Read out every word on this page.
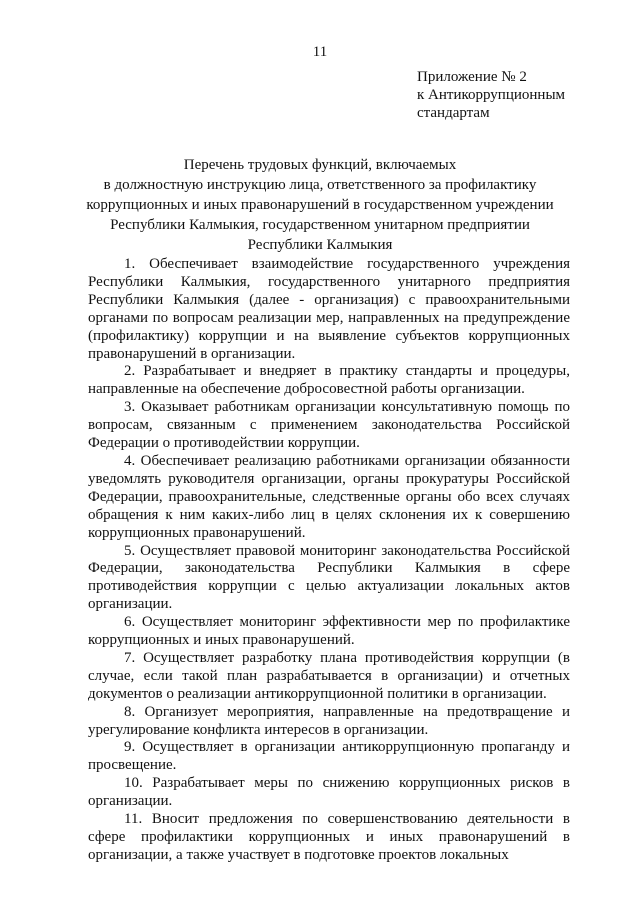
11
Приложение № 2
к Антикоррупционным
стандартам
Перечень трудовых функций, включаемых
в должностную инструкцию лица, ответственного за профилактику
коррупционных и иных правонарушений в государственном учреждении
Республики Калмыкия, государственном унитарном предприятии
Республики Калмыкия

1. Обеспечивает взаимодействие государственного учреждения Республики Калмыкия, государственного унитарного предприятия Республики Калмыкия (далее - организация) с правоохранительными органами по вопросам реализации мер, направленных на предупреждение (профилактику) коррупции и на выявление субъектов коррупционных правонарушений в организации.

2. Разрабатывает и внедряет в практику стандарты и процедуры, направленные на обеспечение добросовестной работы организации.

3. Оказывает работникам организации консультативную помощь по вопросам, связанным с применением законодательства Российской Федерации о противодействии коррупции.

4. Обеспечивает реализацию работниками организации обязанности уведомлять руководителя организации, органы прокуратуры Российской Федерации, правоохранительные, следственные органы обо всех случаях обращения к ним каких-либо лиц в целях склонения их к совершению коррупционных правонарушений.

5. Осуществляет правовой мониторинг законодательства Российской Федерации, законодательства Республики Калмыкия в сфере противодействия коррупции с целью актуализации локальных актов организации.

6. Осуществляет мониторинг эффективности мер по профилактике коррупционных и иных правонарушений.

7. Осуществляет разработку плана противодействия коррупции (в случае, если такой план разрабатывается в организации) и отчетных документов о реализации антикоррупционной политики в организации.

8. Организует мероприятия, направленные на предотвращение и урегулирование конфликта интересов в организации.

9. Осуществляет в организации антикоррупционную пропаганду и просвещение.

10. Разрабатывает меры по снижению коррупционных рисков в организации.

11. Вносит предложения по совершенствованию деятельности в сфере профилактики коррупционных и иных правонарушений в организации, а также участвует в подготовке проектов локальных
